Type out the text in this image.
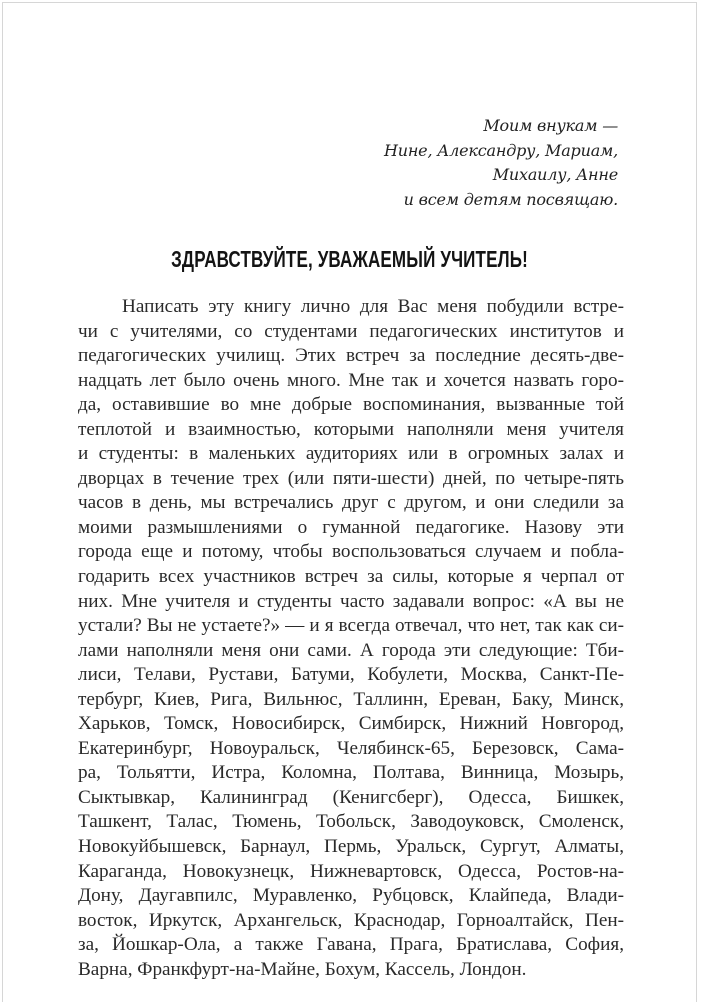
Моим внукам —
Нине, Александру, Мариам,
Михаилу, Анне
и всем детям посвящаю.
ЗДРАВСТВУЙТЕ, УВАЖАЕМЫЙ УЧИТЕЛЬ!
Написать эту книгу лично для Вас меня побудили встре-
чи с учителями, со студентами педагогических институтов и
педагогических училищ. Этих встреч за последние десять-две-
надцать лет было очень много. Мне так и хочется назвать горо-
да, оставившие во мне добрые воспоминания, вызванные той
теплотой и взаимностью, которыми наполняли меня учителя
и студенты: в маленьких аудиториях или в огромных залах и
дворцах в течение трех (или пяти-шести) дней, по четыре-пять
часов в день, мы встречались друг с другом, и они следили за
моими размышлениями о гуманной педагогике. Назову эти
города еще и потому, чтобы воспользоваться случаем и побла-
годарить всех участников встреч за силы, которые я черпал от
них. Мне учителя и студенты часто задавали вопрос: «А вы не
устали? Вы не устаете?» — и я всегда отвечал, что нет, так как си-
лами наполняли меня они сами. А города эти следующие: Тби-
лиси, Телави, Рустави, Батуми, Кобулети, Москва, Санкт-Пе-
тербург, Киев, Рига, Вильнюс, Таллинн, Ереван, Баку, Минск,
Харьков, Томск, Новосибирск, Симбирск, Нижний Новгород,
Екатеринбург, Новоуральск, Челябинск-65, Березовск, Сама-
ра, Тольятти, Истра, Коломна, Полтава, Винница, Мозырь,
Сыктывкар, Калининград (Кенигсберг), Одесса, Бишкек,
Ташкент, Талас, Тюмень, Тобольск, Заводоуковск, Смоленск,
Новокуйбышевск, Барнаул, Пермь, Уральск, Сургут, Алматы,
Караганда, Новокузнецк, Нижневартовск, Одесса, Ростов-на-
Дону, Даугавпилс, Муравленко, Рубцовск, Клайпеда, Влади-
восток, Иркутск, Архангельск, Краснодар, Горноалтайск, Пен-
за, Йошкар-Ола, а также Гавана, Прага, Братислава, София,
Варна, Франкфурт-на-Майне, Бохум, Кассель, Лондон.
